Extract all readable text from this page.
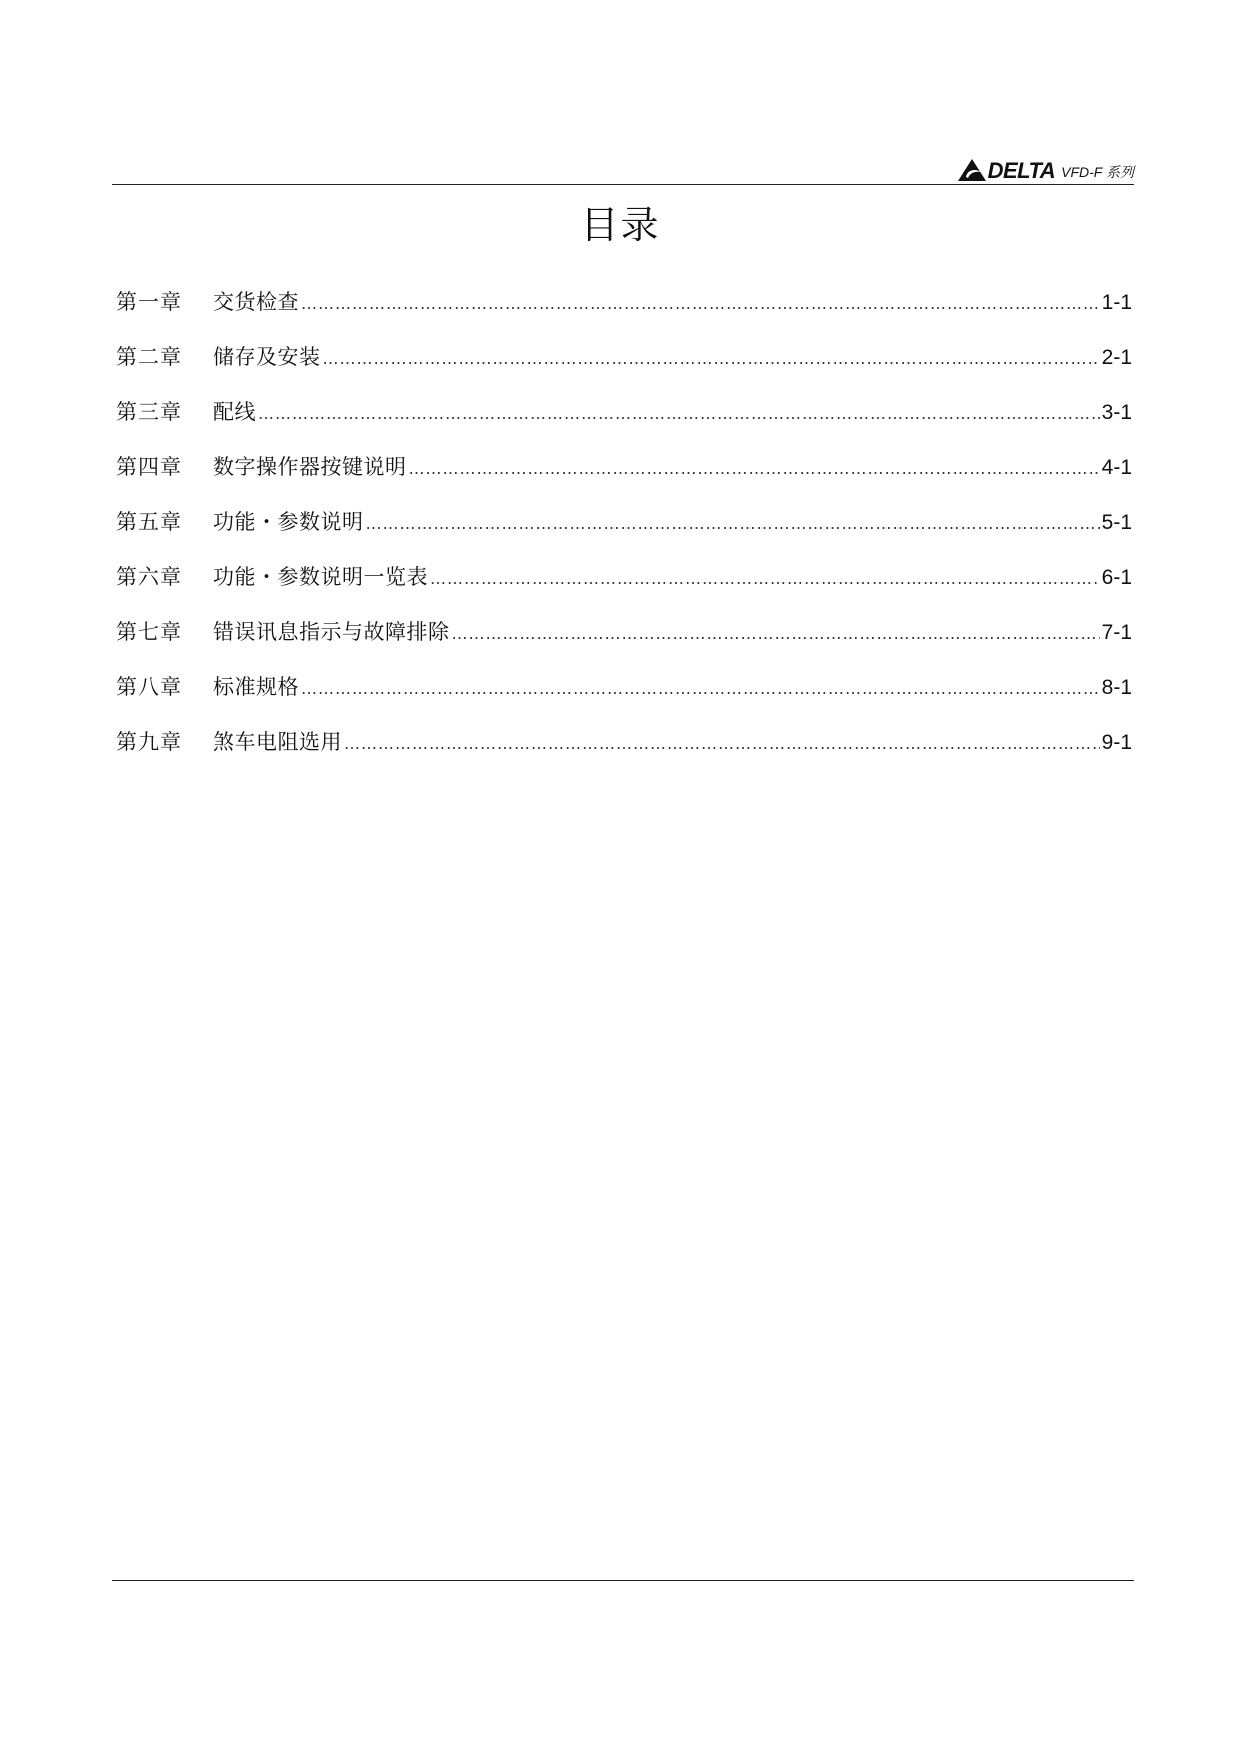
DELTA VFD-F 系列
目录
第一章	交货检查 …………………………………………………………………………………………………………………………………………………………………………………………	1-1
第二章	储存及安装 …………………………………………………………………………………………………………………………………………………………………………………………	2-1
第三章	配线 …………………………………………………………………………………………………………………………………………………………………………………………	3-1
第四章	数字操作器按键说明 …………………………………………………………………………………………………………………………………………………………………………………………	4-1
第五章	功能・参数说明 …………………………………………………………………………………………………………………………………………………………………………………………	5-1
第六章	功能・参数说明一览表 …………………………………………………………………………………………………………………………………………………………………………………………	6-1
第七章	错误讯息指示与故障排除 …………………………………………………………………………………………………………………………………………………………………………………………	7-1
第八章	标准规格 …………………………………………………………………………………………………………………………………………………………………………………………	8-1
第九章	煞车电阻选用 …………………………………………………………………………………………………………………………………………………………………………………………	9-1
